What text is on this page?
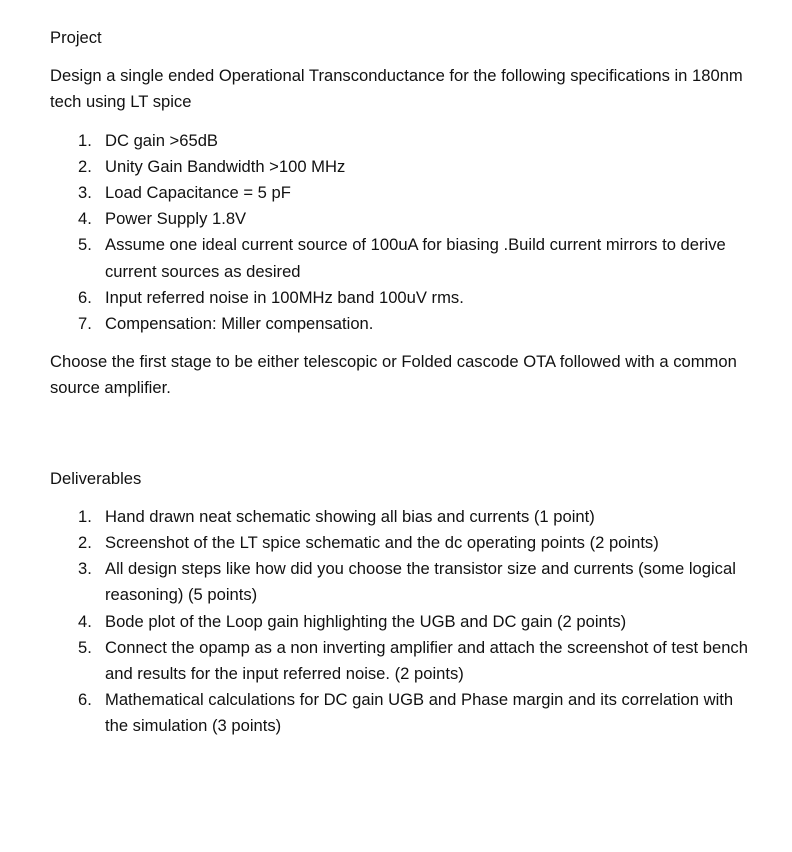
Project

Design a single ended Operational Transconductance for the following specifications in 180nm tech using LT spice

1. DC gain >65dB
2. Unity Gain Bandwidth >100 MHz
3. Load Capacitance = 5 pF
4. Power Supply 1.8V
5. Assume one ideal current source of 100uA for biasing .Build current mirrors to derive current sources as desired
6. Input referred noise in 100MHz band 100uV rms.
7. Compensation: Miller compensation.

Choose the first stage to be either telescopic or Folded cascode OTA followed with a common source amplifier.

Deliverables

1. Hand drawn neat schematic showing all bias and currents (1 point)
2. Screenshot of the LT spice schematic and the dc operating points (2 points)
3. All design steps like how did you choose the transistor size and currents (some logical reasoning) (5 points)
4. Bode plot of the Loop gain highlighting the UGB and DC gain (2 points)
5. Connect the opamp as a non inverting amplifier and attach the screenshot of test bench and results for the input referred noise. (2 points)
6. Mathematical calculations for DC gain UGB and Phase margin and its correlation with the simulation (3 points)
